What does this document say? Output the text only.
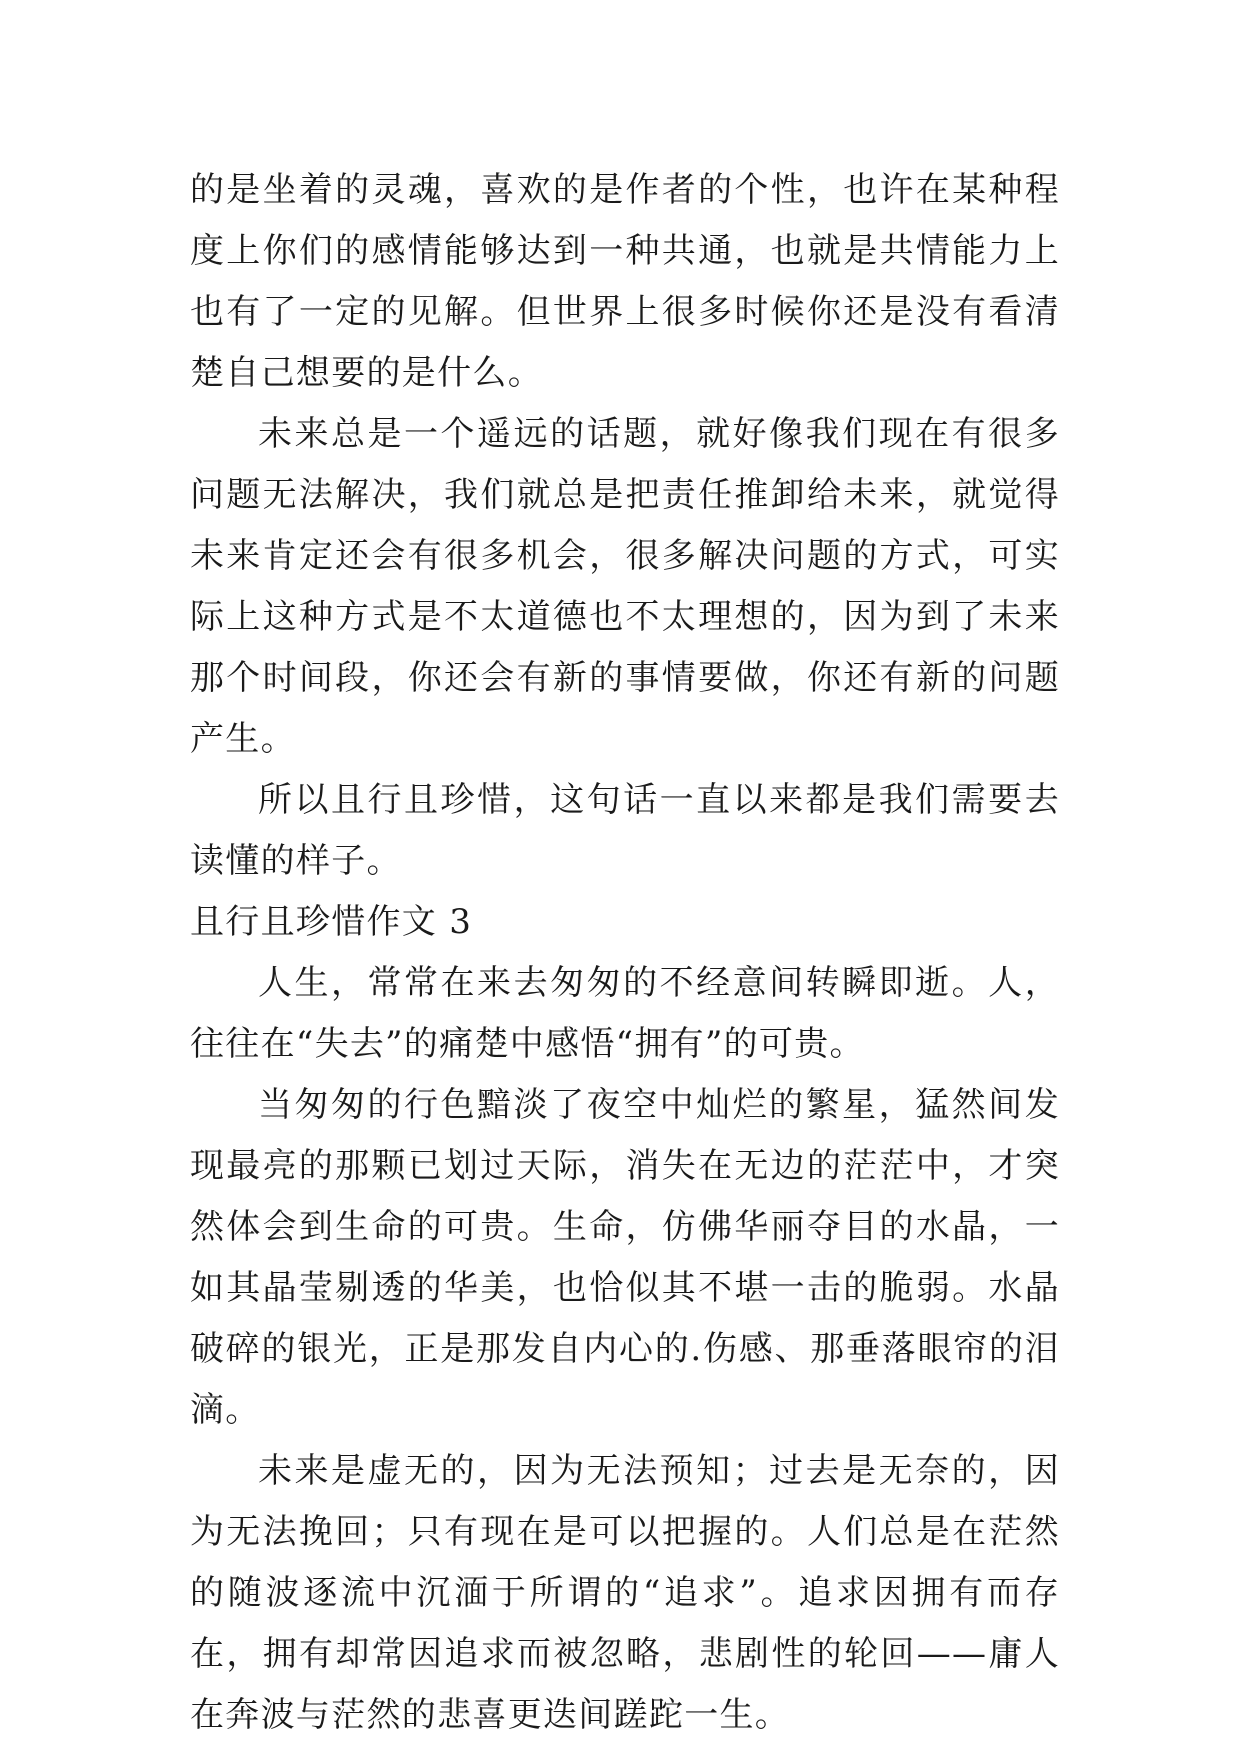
的是坐着的灵魂，喜欢的是作者的个性，也许在某种程度上你们的感情能够达到一种共通，也就是共情能力上也有了一定的见解。但世界上很多时候你还是没有看清楚自己想要的是什么。

未来总是一个遥远的话题，就好像我们现在有很多问题无法解决，我们就总是把责任推卸给未来，就觉得未来肯定还会有很多机会，很多解决问题的方式，可实际上这种方式是不太道德也不太理想的，因为到了未来那个时间段，你还会有新的事情要做，你还有新的问题产生。

所以且行且珍惜，这句话一直以来都是我们需要去读懂的样子。

且行且珍惜作文 3

人生，常常在来去匆匆的不经意间转瞬即逝。人，往往在“失去”的痛楚中感悟“拥有”的可贵。

当匆匆的行色黯淡了夜空中灿烂的繁星，猛然间发现最亮的那颗已划过天际，消失在无边的茫茫中，才突然体会到生命的可贵。生命，仿佛华丽夺目的水晶，一如其晶莹剔透的华美，也恰似其不堪一击的脆弱。水晶破碎的银光，正是那发自内心的.伤感、那垂落眼帘的泪滴。

未来是虚无的，因为无法预知；过去是无奈的，因为无法挽回；只有现在是可以把握的。人们总是在茫然的随波逐流中沉湎于所谓的“追求”。追求因拥有而存在，拥有却常因追求而被忽略，悲剧性的轮回——庸人在奔波与茫然的悲喜更迭间蹉跎一生。
